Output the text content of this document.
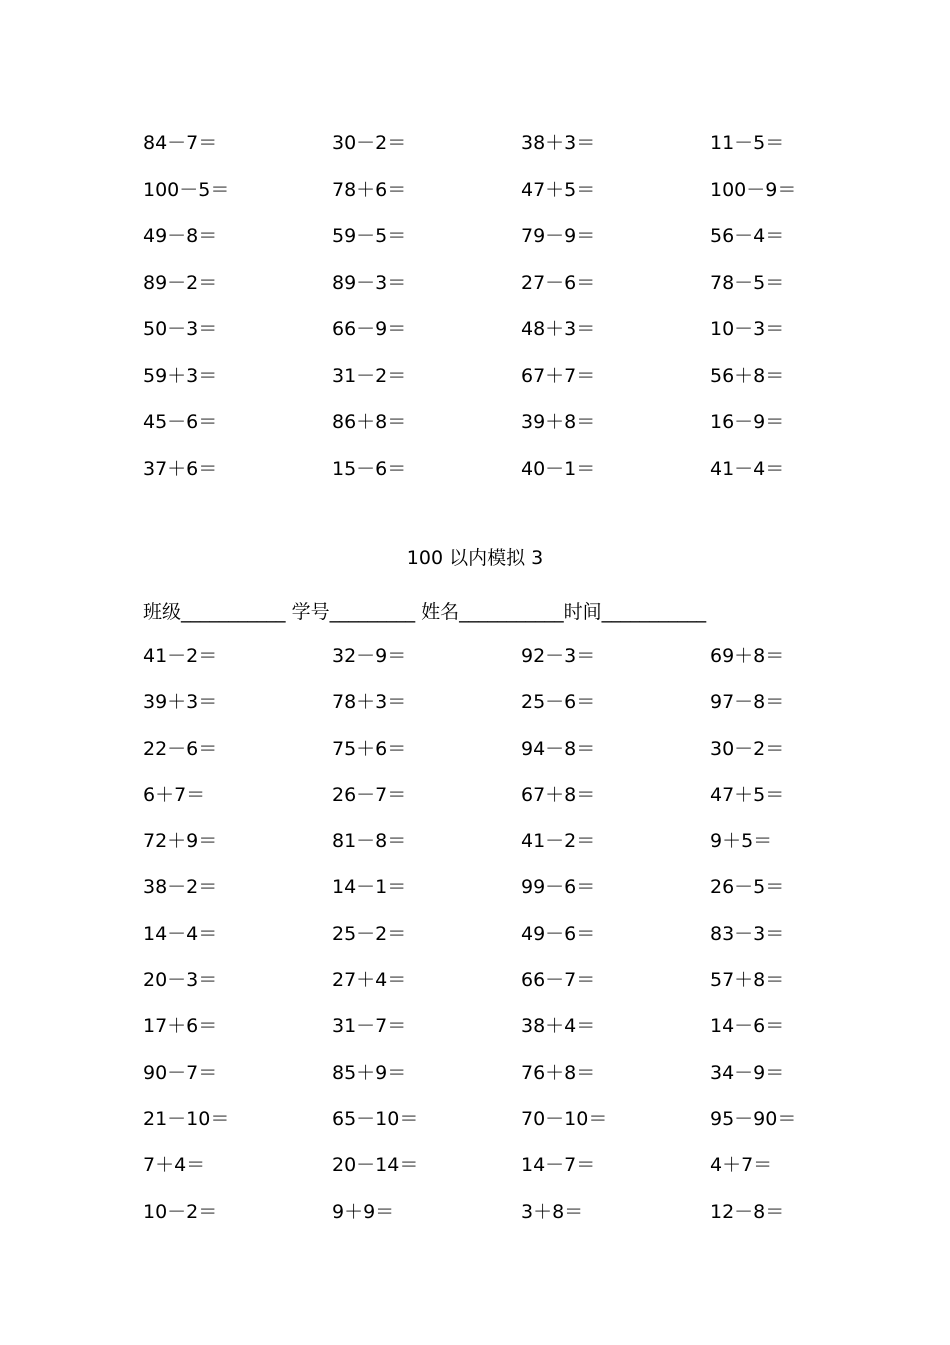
84－7＝	30－2＝	38＋3＝	11－5＝
100－5＝	78＋6＝	47＋5＝	100－9＝
49－8＝	59－5＝	79－9＝	56－4＝
89－2＝	89－3＝	27－6＝	78－5＝
50－3＝	66－9＝	48＋3＝	10－3＝
59＋3＝	31－2＝	67＋7＝	56＋8＝
45－6＝	86＋8＝	39＋8＝	16－9＝
37＋6＝	15－6＝	40－1＝	41－4＝
100 以内模拟 3
班级___________ 学号_________ 姓名___________时间___________
41－2＝	32－9＝	92－3＝	69＋8＝
39＋3＝	78＋3＝	25－6＝	97－8＝
22－6＝	75＋6＝	94－8＝	30－2＝
6＋7＝	26－7＝	67＋8＝	47＋5＝
72＋9＝	81－8＝	41－2＝	9＋5＝
38－2＝	14－1＝	99－6＝	26－5＝
14－4＝	25－2＝	49－6＝	83－3＝
20－3＝	27＋4＝	66－7＝	57＋8＝
17＋6＝	31－7＝	38＋4＝	14－6＝
90－7＝	85＋9＝	76＋8＝	34－9＝
21－10＝	65－10＝	70－10＝	95－90＝
7＋4＝	20－14＝	14－7＝	4＋7＝
10－2＝	9＋9＝	3＋8＝	12－8＝
